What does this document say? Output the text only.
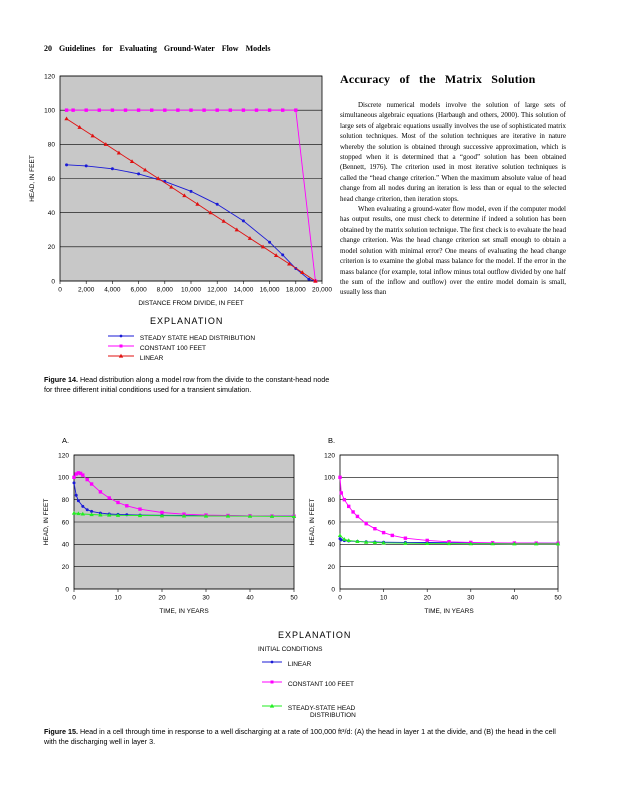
20 Guidelines for Evaluating Ground-Water Flow Models
0
20
40
60
80
100
120
0 2,000 4,000 6,000 8,000 10,000 12,000 14,000 16,000 18,000 20,000
DISTANCE FROM DIVIDE, IN FEET
HEAD, IN FEET
EXPLANATION
STEADY STATE HEAD DISTRIBUTION
CONSTANT 100 FEET
LINEAR
Figure 14. Head distribution along a model row from the divide to the constant-head node for three different initial conditions used for a transient simulation.
Accuracy of the Matrix Solution

Discrete numerical models involve the solution of large sets of simultaneous algebraic equations (Harbaugh and others, 2000). This solution of large sets of algebraic equations usually involves the use of sophisticated matrix solution techniques. Most of the solution techniques are iterative in nature whereby the solution is obtained through successive approximation, which is stopped when it is determined that a “good” solution has been obtained (Bennett, 1976). The criterion used in most iterative solution techniques is called the “head change criterion.” When the maximum absolute value of head change from all nodes during an iteration is less than or equal to the selected head change criterion, then iteration stops.

When evaluating a ground-water flow model, even if the computer model has output results, one must check to determine if indeed a solution has been obtained by the matrix solution technique. The first check is to evaluate the head change criterion. Was the head change criterion set small enough to obtain a model solution with minimal error? One means of evaluating the head change criterion is to examine the global mass balance for the model. If the error in the mass balance (for example, total inflow minus total outflow divided by one half the sum of the inflow and outflow) over the entire model domain is small, usually less than

0
20
40
60
80
100
120
0	10	20	30	40	50
TIME, IN YEARS
HEAD, IN FEET
A.
0
20
40
60
80
100
120
0	10	20	30	40	50
TIME, IN YEARS
HEAD, IN FEET
B.
EXPLANATION
INITIAL CONDITIONS
LINEAR
CONSTANT 100 FEET
STEADY-STATE HEAD
DISTRIBUTION
Figure 15. Head in a cell through time in response to a well discharging at a rate of 100,000 ft³/d: (A) the head in layer 1 at the divide, and (B) the head in the cell with the discharging well in layer 3.
